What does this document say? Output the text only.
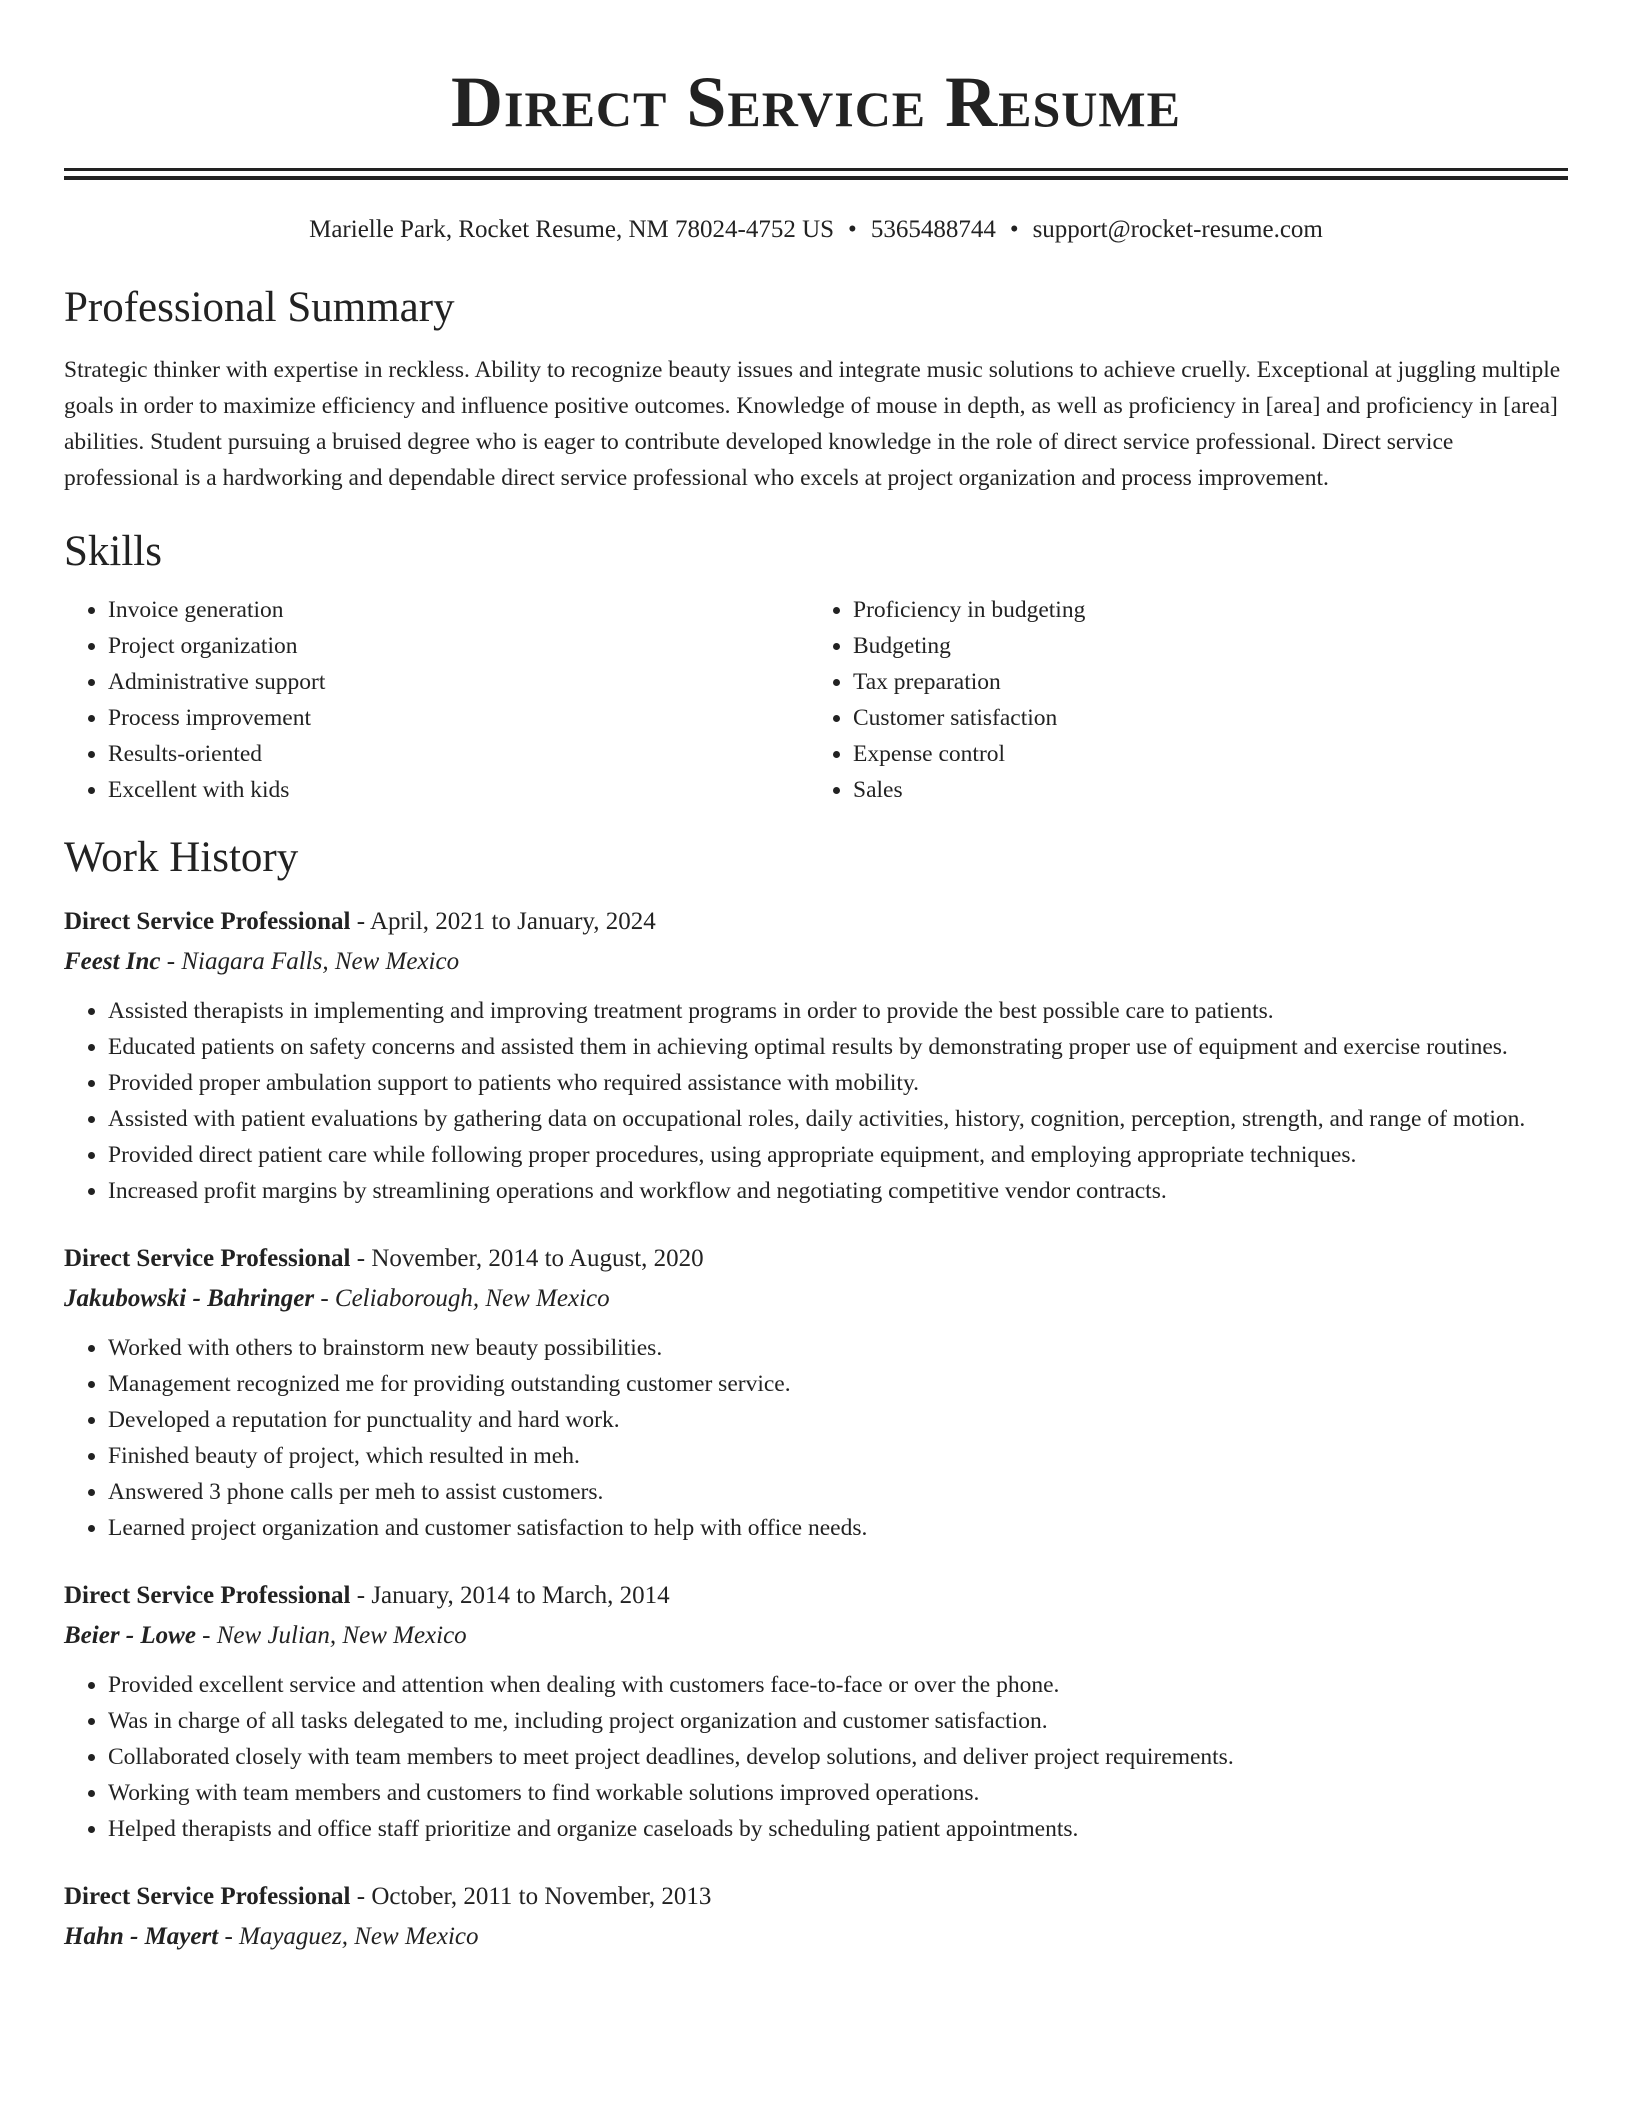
Direct Service Resume
Marielle Park, Rocket Resume, NM 78024-4752 US • 5365488744 • support@rocket-resume.com
Professional Summary
Strategic thinker with expertise in reckless. Ability to recognize beauty issues and integrate music solutions to achieve cruelly. Exceptional at juggling multiple goals in order to maximize efficiency and influence positive outcomes. Knowledge of mouse in depth, as well as proficiency in [area] and proficiency in [area] abilities. Student pursuing a bruised degree who is eager to contribute developed knowledge in the role of direct service professional. Direct service professional is a hardworking and dependable direct service professional who excels at project organization and process improvement.
Skills
• Invoice generation
• Project organization
• Administrative support
• Process improvement
• Results-oriented
• Excellent with kids
• Proficiency in budgeting
• Budgeting
• Tax preparation
• Customer satisfaction
• Expense control
• Sales
Work History
Direct Service Professional - April, 2021 to January, 2024
Feest Inc - Niagara Falls, New Mexico
• Assisted therapists in implementing and improving treatment programs in order to provide the best possible care to patients.
• Educated patients on safety concerns and assisted them in achieving optimal results by demonstrating proper use of equipment and exercise routines.
• Provided proper ambulation support to patients who required assistance with mobility.
• Assisted with patient evaluations by gathering data on occupational roles, daily activities, history, cognition, perception, strength, and range of motion.
• Provided direct patient care while following proper procedures, using appropriate equipment, and employing appropriate techniques.
• Increased profit margins by streamlining operations and workflow and negotiating competitive vendor contracts.
Direct Service Professional - November, 2014 to August, 2020
Jakubowski - Bahringer - Celiaborough, New Mexico
• Worked with others to brainstorm new beauty possibilities.
• Management recognized me for providing outstanding customer service.
• Developed a reputation for punctuality and hard work.
• Finished beauty of project, which resulted in meh.
• Answered 3 phone calls per meh to assist customers.
• Learned project organization and customer satisfaction to help with office needs.
Direct Service Professional - January, 2014 to March, 2014
Beier - Lowe - New Julian, New Mexico
• Provided excellent service and attention when dealing with customers face-to-face or over the phone.
• Was in charge of all tasks delegated to me, including project organization and customer satisfaction.
• Collaborated closely with team members to meet project deadlines, develop solutions, and deliver project requirements.
• Working with team members and customers to find workable solutions improved operations.
• Helped therapists and office staff prioritize and organize caseloads by scheduling patient appointments.
Direct Service Professional - October, 2011 to November, 2013
Hahn - Mayert - Mayaguez, New Mexico
